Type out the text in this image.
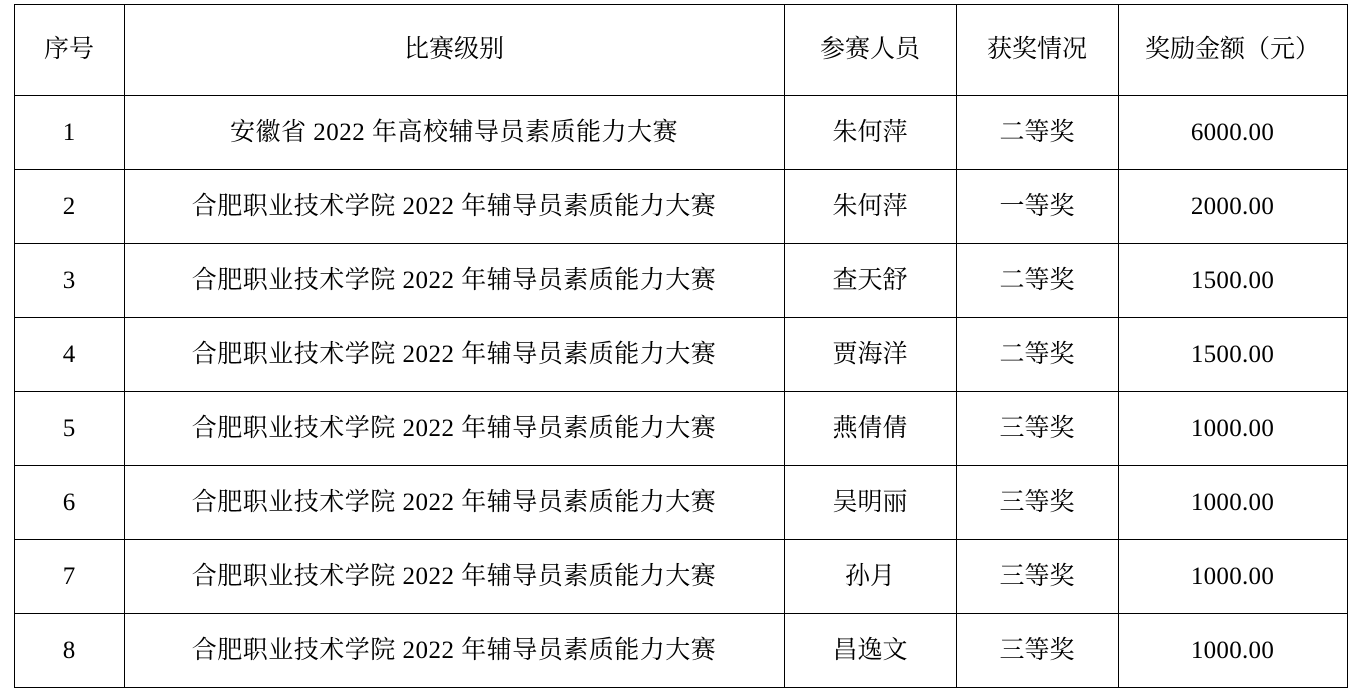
序号	比赛级别	参赛人员	获奖情况	奖励金额（元）

1	安徽省 2022 年高校辅导员素质能力大赛	朱何萍	二等奖	6000.00

2	合肥职业技术学院 2022 年辅导员素质能力大赛	朱何萍	一等奖	2000.00

3	合肥职业技术学院 2022 年辅导员素质能力大赛	查天舒	二等奖	1500.00

4	合肥职业技术学院 2022 年辅导员素质能力大赛	贾海洋	二等奖	1500.00

5	合肥职业技术学院 2022 年辅导员素质能力大赛	燕倩倩	三等奖	1000.00

6	合肥职业技术学院 2022 年辅导员素质能力大赛	吴明丽	三等奖	1000.00

7	合肥职业技术学院 2022 年辅导员素质能力大赛	孙月	三等奖	1000.00

8	合肥职业技术学院 2022 年辅导员素质能力大赛	昌逸文	三等奖	1000.00
